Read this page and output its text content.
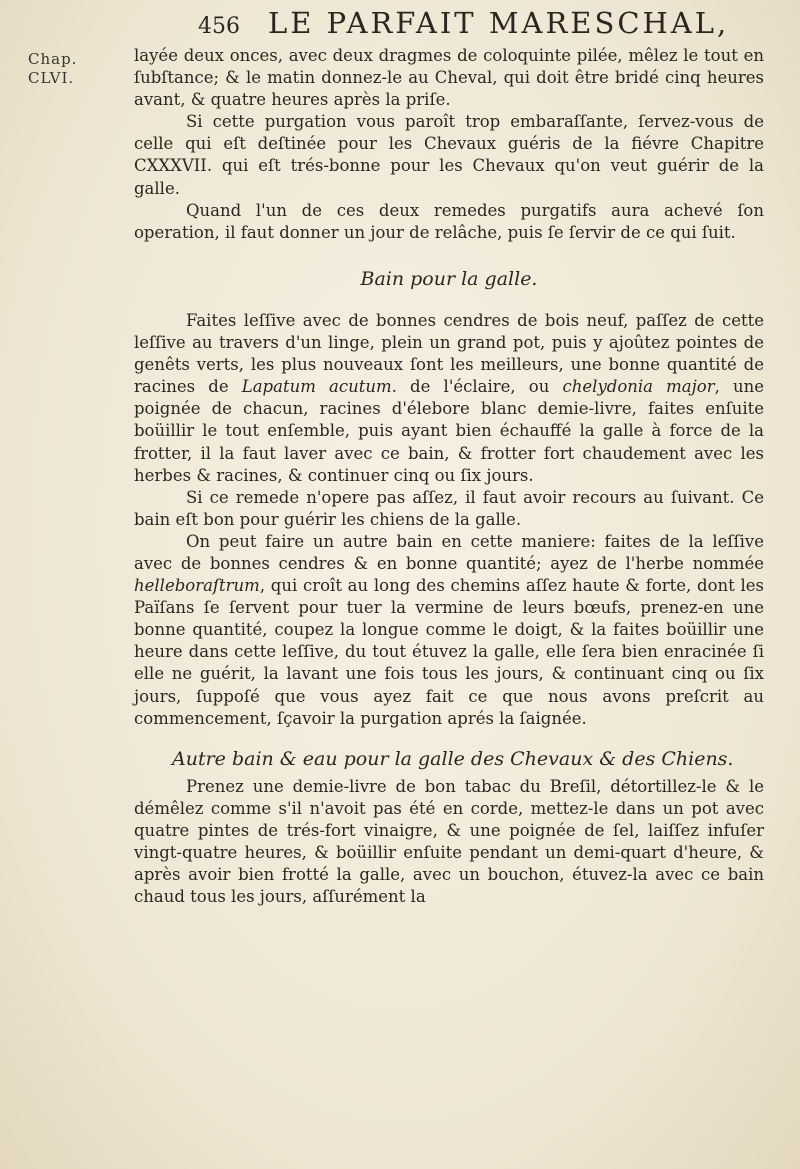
456 LE PARFAIT MARESCHAL,
Chap.
CLVI.

layée deux onces, avec deux dragmes de coloquinte pilée, mêlez le tout en ſubſtance; & le matin donnez-le au Cheval, qui doit être bridé cinq heures avant, & quatre heures après la priſe.

Si cette purgation vous paroît trop embaraſſante, ſervez-vous de celle qui eſt deſtinée pour les Chevaux guéris de la fiévre Chapitre CXXXVII. qui eſt trés-bonne pour les Chevaux qu'on veut guérir de la galle.

Quand l'un de ces deux remedes purgatifs aura achevé ſon operation, il faut donner un jour de relâche, puis ſe ſervir de ce qui ſuit.

Bain pour la galle.

Faites leſſive avec de bonnes cendres de bois neuf, paſſez de cette leſſive au travers d'un linge, plein un grand pot, puis y ajoûtez pointes de genêts verts, les plus nouveaux ſont les meilleurs, une bonne quantité de racines de Lapatum acutum. de l'éclaire, ou chelydonia major, une poignée de chacun, racines d'élebore blanc demie-livre, faites enſuite boüillir le tout enſemble, puis ayant bien échauffé la galle à force de la frotter, il la faut laver avec ce bain, & frotter fort chaudement avec les herbes & racines, & continuer cinq ou ſix jours.

Si ce remede n'opere pas aſſez, il faut avoir recours au ſuivant. Ce bain eſt bon pour guérir les chiens de la galle.

On peut faire un autre bain en cette maniere: faites de la leſſive avec de bonnes cendres & en bonne quantité; ayez de l'herbe nommée helleboraſtrum, qui croît au long des chemins aſſez haute & forte, dont les Païſans ſe ſervent pour tuer la vermine de leurs bœufs, prenez-en une bonne quantité, coupez la longue comme le doigt, & la faites boüillir une heure dans cette leſſive, du tout étuvez la galle, elle ſera bien enracinée ſi elle ne guérit, la lavant une fois tous les jours, & continuant cinq ou ſix jours, ſuppoſé que vous ayez fait ce que nous avons preſcrit au commencement, ſçavoir la purgation aprés la ſaignée.

Autre bain & eau pour la galle des Chevaux & des Chiens.

Prenez une demie-livre de bon tabac du Breſil, détortillez-le & le démêlez comme s'il n'avoit pas été en corde, mettez-le dans un pot avec quatre pintes de trés-fort vinaigre, & une poignée de ſel, laiſſez infuſer vingt-quatre heures, & boüillir enſuite pendant un demi-quart d'heure, & après avoir bien frotté la galle, avec un bouchon, étuvez-la avec ce bain chaud tous les jours, aſſurément la
